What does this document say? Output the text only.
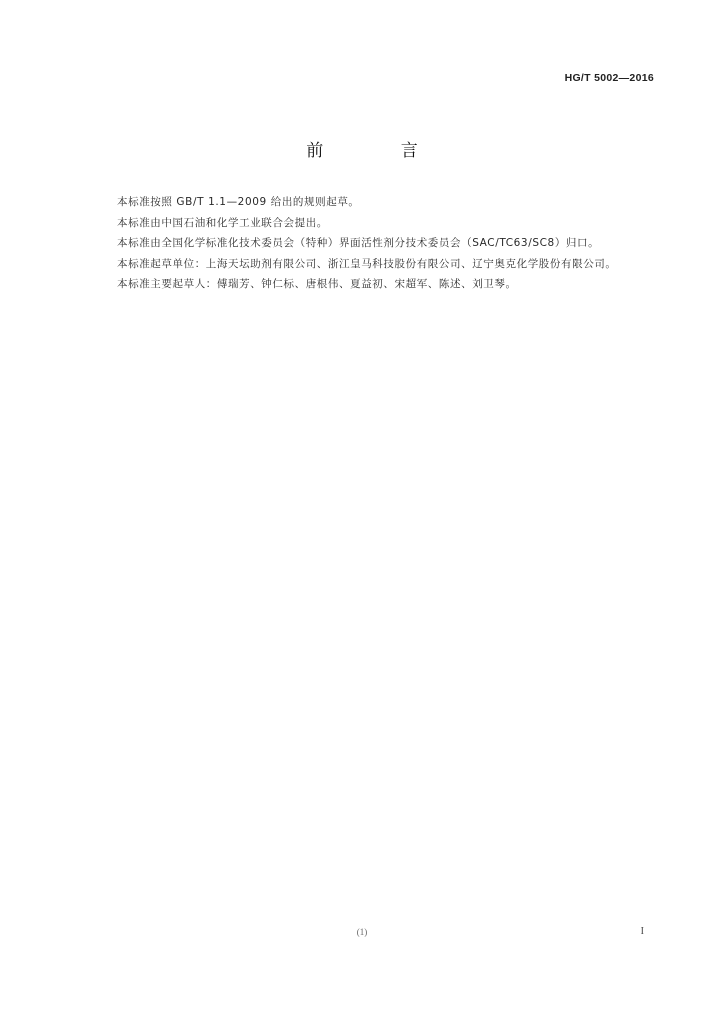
HG/T 5002—2016
前 言

本标准按照 GB/T 1.1—2009 给出的规则起草。

本标准由中国石油和化学工业联合会提出。

本标准由全国化学标准化技术委员会（特种）界面活性剂分技术委员会（SAC/TC63/SC8）归口。

本标准起草单位：上海天坛助剂有限公司、浙江皇马科技股份有限公司、辽宁奥克化学股份有限公司。

本标准主要起草人：傅瑞芳、钟仁标、唐根伟、夏益初、宋超军、陈述、刘卫琴。

(1)	I
